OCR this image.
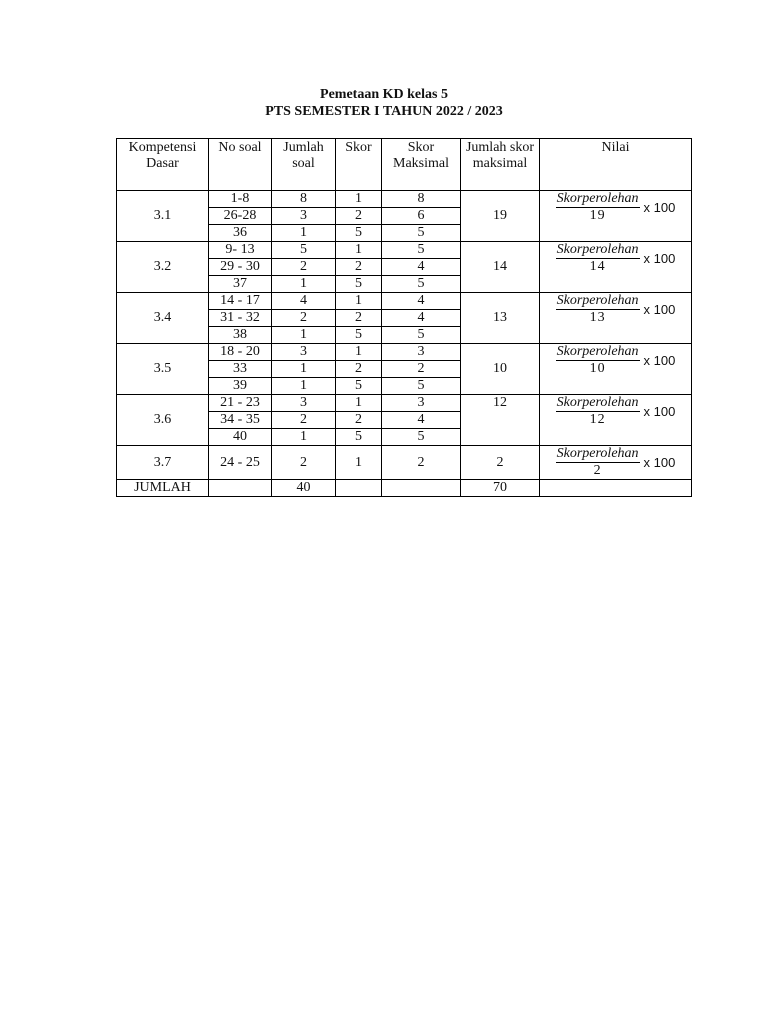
Pemetaan KD kelas 5
PTS SEMESTER I TAHUN 2022 / 2023
Kompetensi Dasar	No soal	Jumlah soal	Skor	Skor Maksimal	Jumlah skor maksimal	Nilai
3.1	1-8	8	1	8	19	$\frac{\text{Skorperolehan}}{19}$ x 100

	26-28	3	2	6		
	36	1	5	5		
3.2	9- 13	5	1	5	14	$\frac{\text{Skorperolehan}}{14}$ x 100

	29 - 30	2	2	4		
	37	1	5	5		
3.4	14 - 17	4	1	4	13	$\frac{\text{Skorperolehan}}{13}$ x 100

	31 - 32	2	2	4		
	38	1	5	5		
3.5	18 - 20	3	1	3	10	$\frac{\text{Skorperolehan}}{10}$ x 100

	33	1	2	2		
	39	1	5	5		
3.6	21 - 23	3	1	3	12	$\frac{\text{Skorperolehan}}{12}$ x 100

	34 - 35	2	2	4		
	40	1	5	5		
3.7	24 - 25	2	1	2	2	$\frac{\text{Skorperolehan}}{2}$ x 100

JUMLAH		40			70	
